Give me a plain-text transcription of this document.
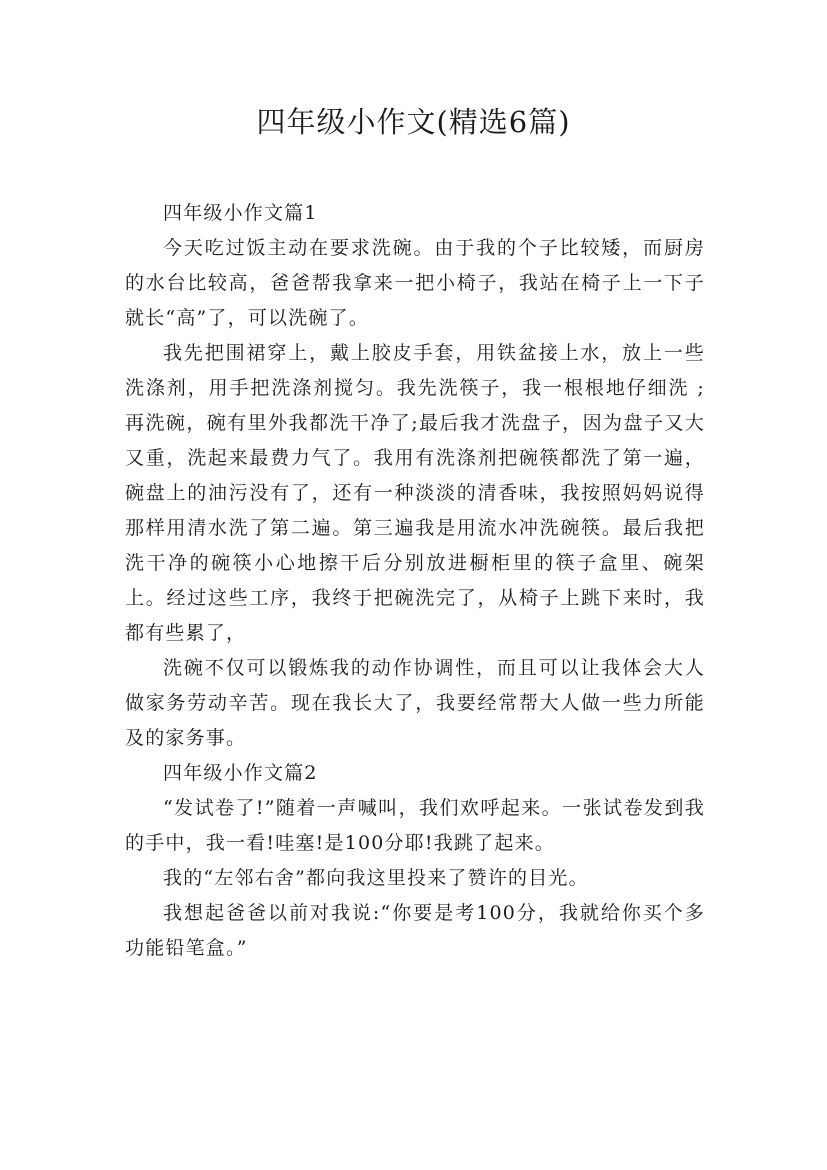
四年级小作文(精选6篇)

四年级小作文篇1

今天吃过饭主动在要求洗碗。由于我的个子比较矮，而厨房的水台比较高，爸爸帮我拿来一把小椅子，我站在椅子上一下子就长“高”了，可以洗碗了。

我先把围裙穿上，戴上胶皮手套，用铁盆接上水，放上一些洗涤剂，用手把洗涤剂搅匀。我先洗筷子，我一根根地仔细洗 ;再洗碗，碗有里外我都洗干净了;最后我才洗盘子，因为盘子又大又重，洗起来最费力气了。我用有洗涤剂把碗筷都洗了第一遍，碗盘上的油污没有了，还有一种淡淡的清香味，我按照妈妈说得那样用清水洗了第二遍。第三遍我是用流水冲洗碗筷。最后我把洗干净的碗筷小心地擦干后分别放进橱柜里的筷子盒里、碗架上。经过这些工序，我终于把碗洗完了，从椅子上跳下来时，我都有些累了，

洗碗不仅可以锻炼我的动作协调性，而且可以让我体会大人做家务劳动辛苦。现在我长大了，我要经常帮大人做一些力所能及的家务事。

四年级小作文篇2

“发试卷了!”随着一声喊叫，我们欢呼起来。一张试卷发到我的手中，我一看!哇塞!是100分耶!我跳了起来。

我的“左邻右舍”都向我这里投来了赞许的目光。

我想起爸爸以前对我说:“你要是考100分，我就给你买个多功能铅笔盒。”
